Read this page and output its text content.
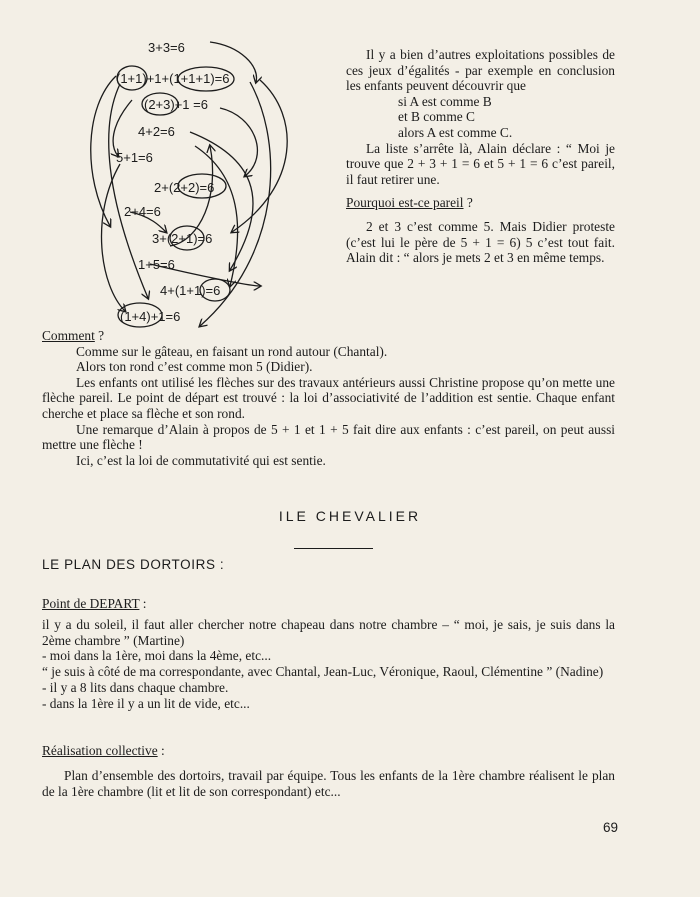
3+3=6
(1+1)+1+(1+1+1)=6
(2+3)+1 =6
4+2=6
5+1=6
2+(2+2)=6
2+4=6
3+(2+1)=6
1+5=6
4+(1+1)=6
(1+4)+1=6

Il y a bien d’autres exploitations possibles de ces jeux d’égalités - par exemple en conclusion les enfants peuvent découvrir que

si A est comme B

et B comme C

alors A est comme C.

La liste s’arrête là, Alain déclare : “ Moi je trouve que 2 + 3 + 1 = 6 et 5 + 1 = 6 c’est pareil, il faut retirer une.

Pourquoi est-ce pareil ?

2 et 3 c’est comme 5. Mais Didier proteste (c’est lui le père de 5 + 1 = 6) 5 c’est tout fait. Alain dit : “ alors je mets 2 et 3 en même temps.

Comment ?

Comme sur le gâteau, en faisant un rond autour (Chantal).

Alors ton rond c’est comme mon 5 (Didier).

Les enfants ont utilisé les flèches sur des travaux antérieurs aussi Christine propose qu’on mette une flèche pareil. Le point de départ est trouvé : la loi d’associativité de l’addition est sentie. Chaque enfant cherche et place sa flèche et son rond.

Une remarque d’Alain à propos de 5 + 1 et 1 + 5 fait dire aux enfants : c’est pareil, on peut aussi mettre une flèche !

Ici, c’est la loi de commutativité qui est sentie.

ILE CHEVALIER
LE PLAN DES DORTOIRS :

Point de DEPART :

il y a du soleil, il faut aller chercher notre chapeau dans notre chambre – “ moi, je sais, je suis dans la 2ème chambre ” (Martine)

- moi dans la 1ère, moi dans la 4ème, etc...

“ je suis à côté de ma correspondante, avec Chantal, Jean-Luc, Véronique, Raoul, Clémentine ” (Nadine)

- il y a 8 lits dans chaque chambre.

- dans la 1ère il y a un lit de vide, etc...

Réalisation collective :

Plan d’ensemble des dortoirs, travail par équipe. Tous les enfants de la 1ère chambre réalisent le plan de la 1ère chambre (lit et lit de son correspondant) etc...

69
